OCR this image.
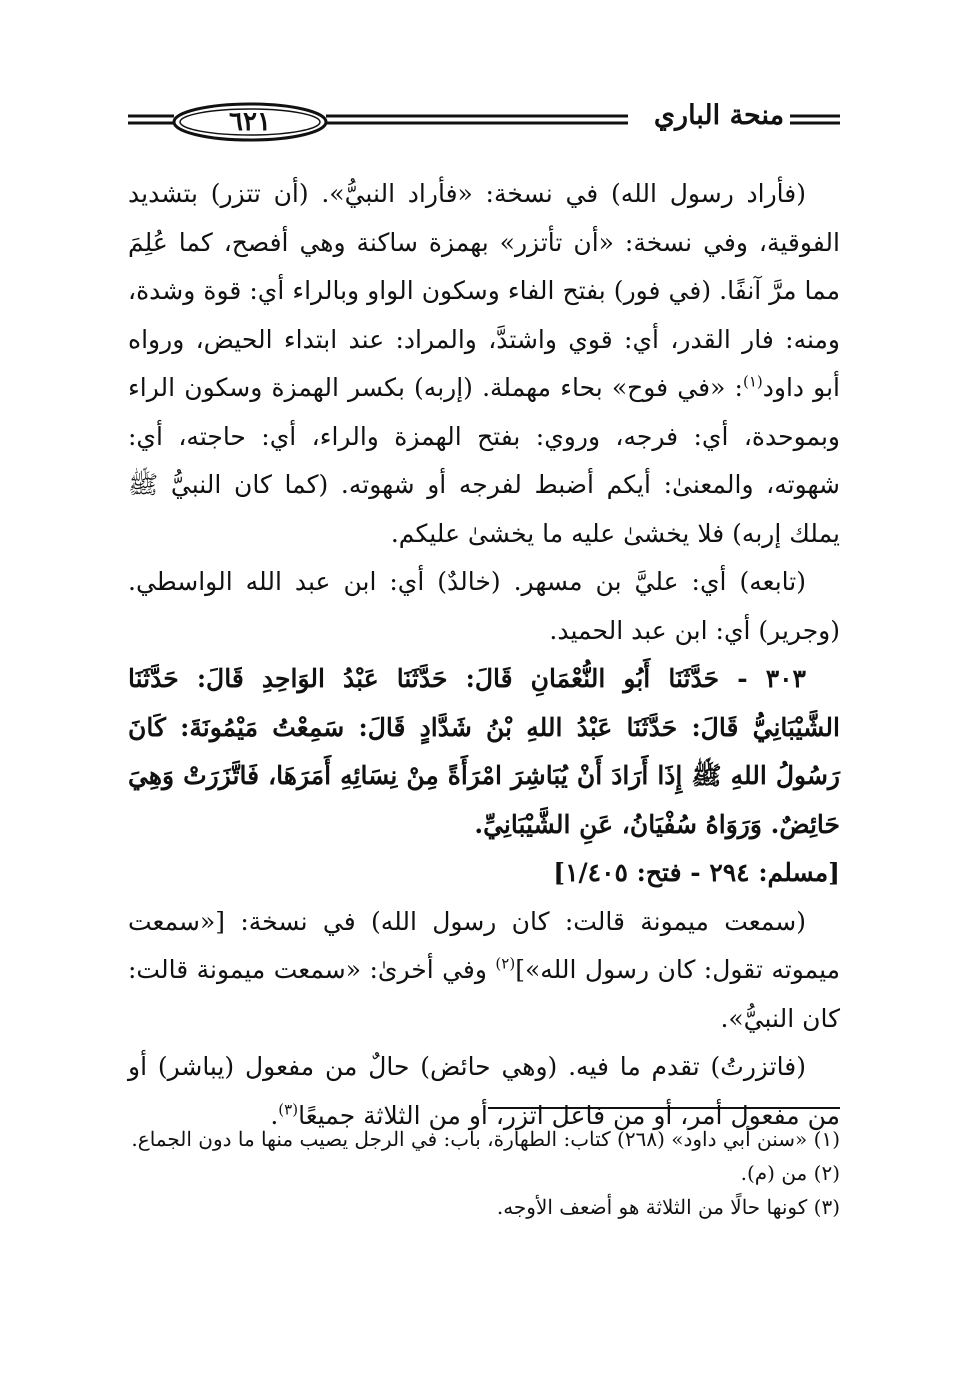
٦٢١	منحة الباري

(فأراد رسول الله) في نسخة: «فأراد النبيُّ». (أن تتزر) بتشديد الفوقية، وفي نسخة: «أن تأتزر» بهمزة ساكنة وهي أفصح، كما عُلِمَ مما مرَّ آنفًا. (في فور) بفتح الفاء وسكون الواو وبالراء أي: قوة وشدة، ومنه: فار القدر، أي: قوي واشتدَّ، والمراد: عند ابتداء الحيض، ورواه أبو داود$^{(١)}$: «في فوح» بحاء مهملة. (إربه) بكسر الهمزة وسكون الراء وبموحدة، أي: فرجه، وروي: بفتح الهمزة والراء، أي: حاجته، أي: شهوته، والمعنىٰ: أيكم أضبط لفرجه أو شهوته. (كما كان النبيُّ ﷺ يملك إربه) فلا يخشىٰ عليه ما يخشىٰ عليكم.

(تابعه) أي: عليَّ بن مسهر. (خالدٌ) أي: ابن عبد الله الواسطي. (وجرير) أي: ابن عبد الحميد.

٣٠٣ - حَدَّثَنَا أَبُو النُّعْمَانِ قَالَ: حَدَّثَنَا عَبْدُ الوَاحِدِ قَالَ: حَدَّثَنَا الشَّيْبَانِيُّ قَالَ: حَدَّثَنَا عَبْدُ اللهِ بْنُ شَدَّادٍ قَالَ: سَمِعْتُ مَيْمُونَةَ: كَانَ رَسُولُ اللهِ ﷺ إِذَا أَرَادَ أَنْ يُبَاشِرَ امْرَأَةً مِنْ نِسَائِهِ أَمَرَهَا، فَاتَّزَرَتْ وَهِيَ حَائِضٌ. وَرَوَاهُ سُفْيَانُ، عَنِ الشَّيْبَانِيِّ.
[مسلم: ٢٩٤ - فتح: ١/٤٠٥]

(سمعت ميمونة قالت: كان رسول الله) في نسخة: [«سمعت ميموته تقول: كان رسول الله»]$^{(٢)}$ وفي أخرىٰ: «سمعت ميمونة قالت: كان النبيُّ».

(فاتزرتُ) تقدم ما فيه. (وهي حائض) حالٌ من مفعول (يباشر) أو من مفعول أمر، أو من فاعل اتزر، أو من الثلاثة جميعًا$^{(٣)}$.

(١) «سنن أبي داود» (٢٦٨) كتاب: الطهارة، باب: في الرجل يصيب منها ما دون الجماع.

(٢) من (م).

(٣) كونها حالًا من الثلاثة هو أضعف الأوجه.
